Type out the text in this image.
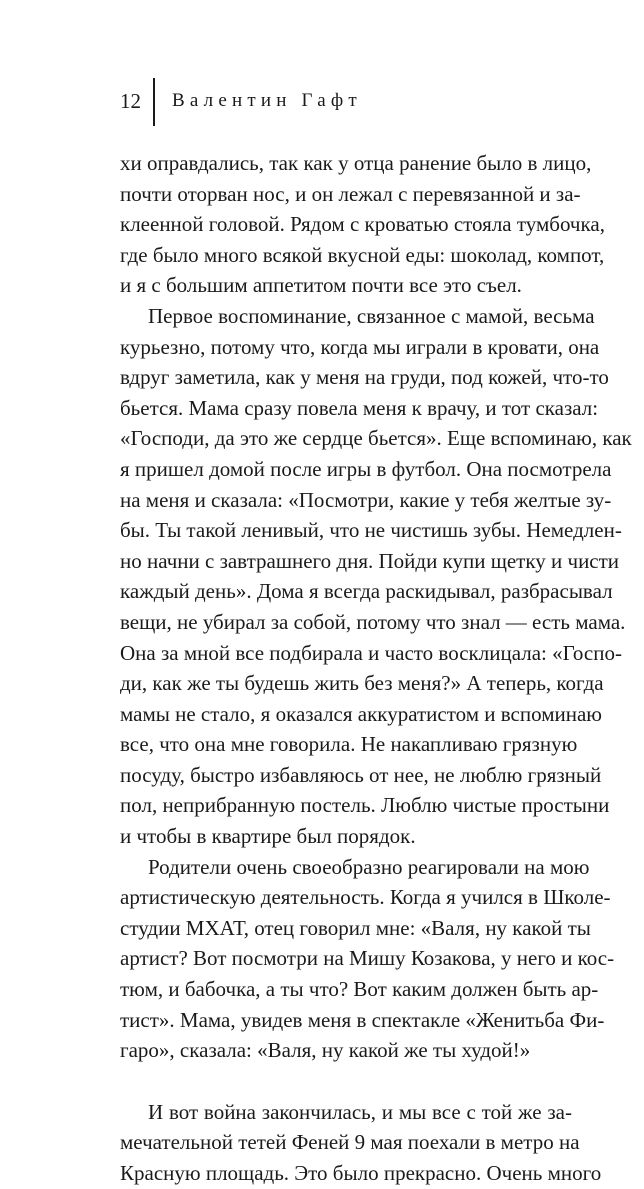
12 Валентин Гафт
хи оправдались, так как у отца ранение было в лицо,
почти оторван нос, и он лежал с перевязанной и за-
клеенной головой. Рядом с кроватью стояла тумбочка,
где было много всякой вкусной еды: шоколад, компот,
и я с большим аппетитом почти все это съел.
Первое воспоминание, связанное с мамой, весьма
курьезно, потому что, когда мы играли в кровати, она
вдруг заметила, как у меня на груди, под кожей, что-то
бьется. Мама сразу повела меня к врачу, и тот сказал:
«Господи, да это же сердце бьется». Еще вспоминаю, как
я пришел домой после игры в футбол. Она посмотрела
на меня и сказала: «Посмотри, какие у тебя желтые зу-
бы. Ты такой ленивый, что не чистишь зубы. Немедлен-
но начни с завтрашнего дня. Пойди купи щетку и чисти
каждый день». Дома я всегда раскидывал, разбрасывал
вещи, не убирал за собой, потому что знал — есть мама.
Она за мной все подбирала и часто восклицала: «Госпо-
ди, как же ты будешь жить без меня?» А теперь, когда
мамы не стало, я оказался аккуратистом и вспоминаю
все, что она мне говорила. Не накапливаю грязную
посуду, быстро избавляюсь от нее, не люблю грязный
пол, неприбранную постель. Люблю чистые простыни
и чтобы в квартире был порядок.
Родители очень своеобразно реагировали на мою
артистическую деятельность. Когда я учился в Школе-
студии МХАТ, отец говорил мне: «Валя, ну какой ты
артист? Вот посмотри на Мишу Козакова, у него и кос-
тюм, и бабочка, а ты что? Вот каким должен быть ар-
тист». Мама, увидев меня в спектакле «Женитьба Фи-
гаро», сказала: «Валя, ну какой же ты худой!»
И вот война закончилась, и мы все с той же за-
мечательной тетей Феней 9 мая поехали в метро на
Красную площадь. Это было прекрасно. Очень много
